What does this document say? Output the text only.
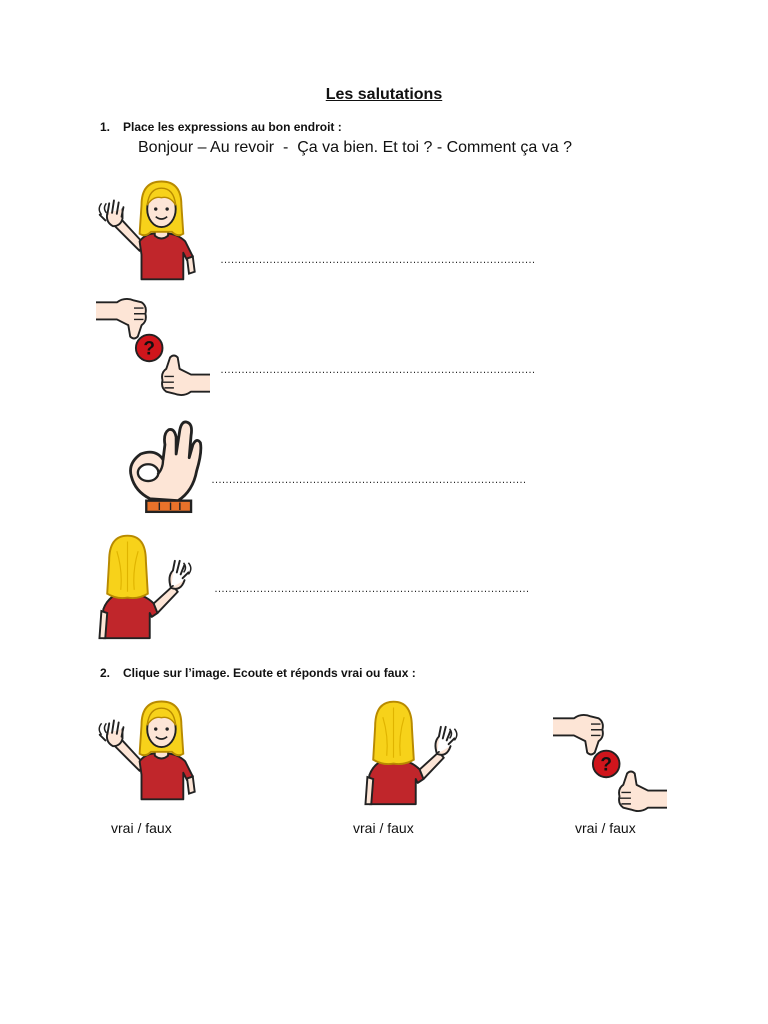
Les salutations
1. Place les expressions au bon endroit :
Bonjour – Au revoir  -  Ça va bien. Et toi ? - Comment ça va ?
………………………………………………………………………………
………………………………………………………………………………
………………………………………………………………………………
………………………………………………………………………………
2. Clique sur l’image. Ecoute et réponds vrai ou faux :
vrai / faux	vrai / faux	vrai / faux
